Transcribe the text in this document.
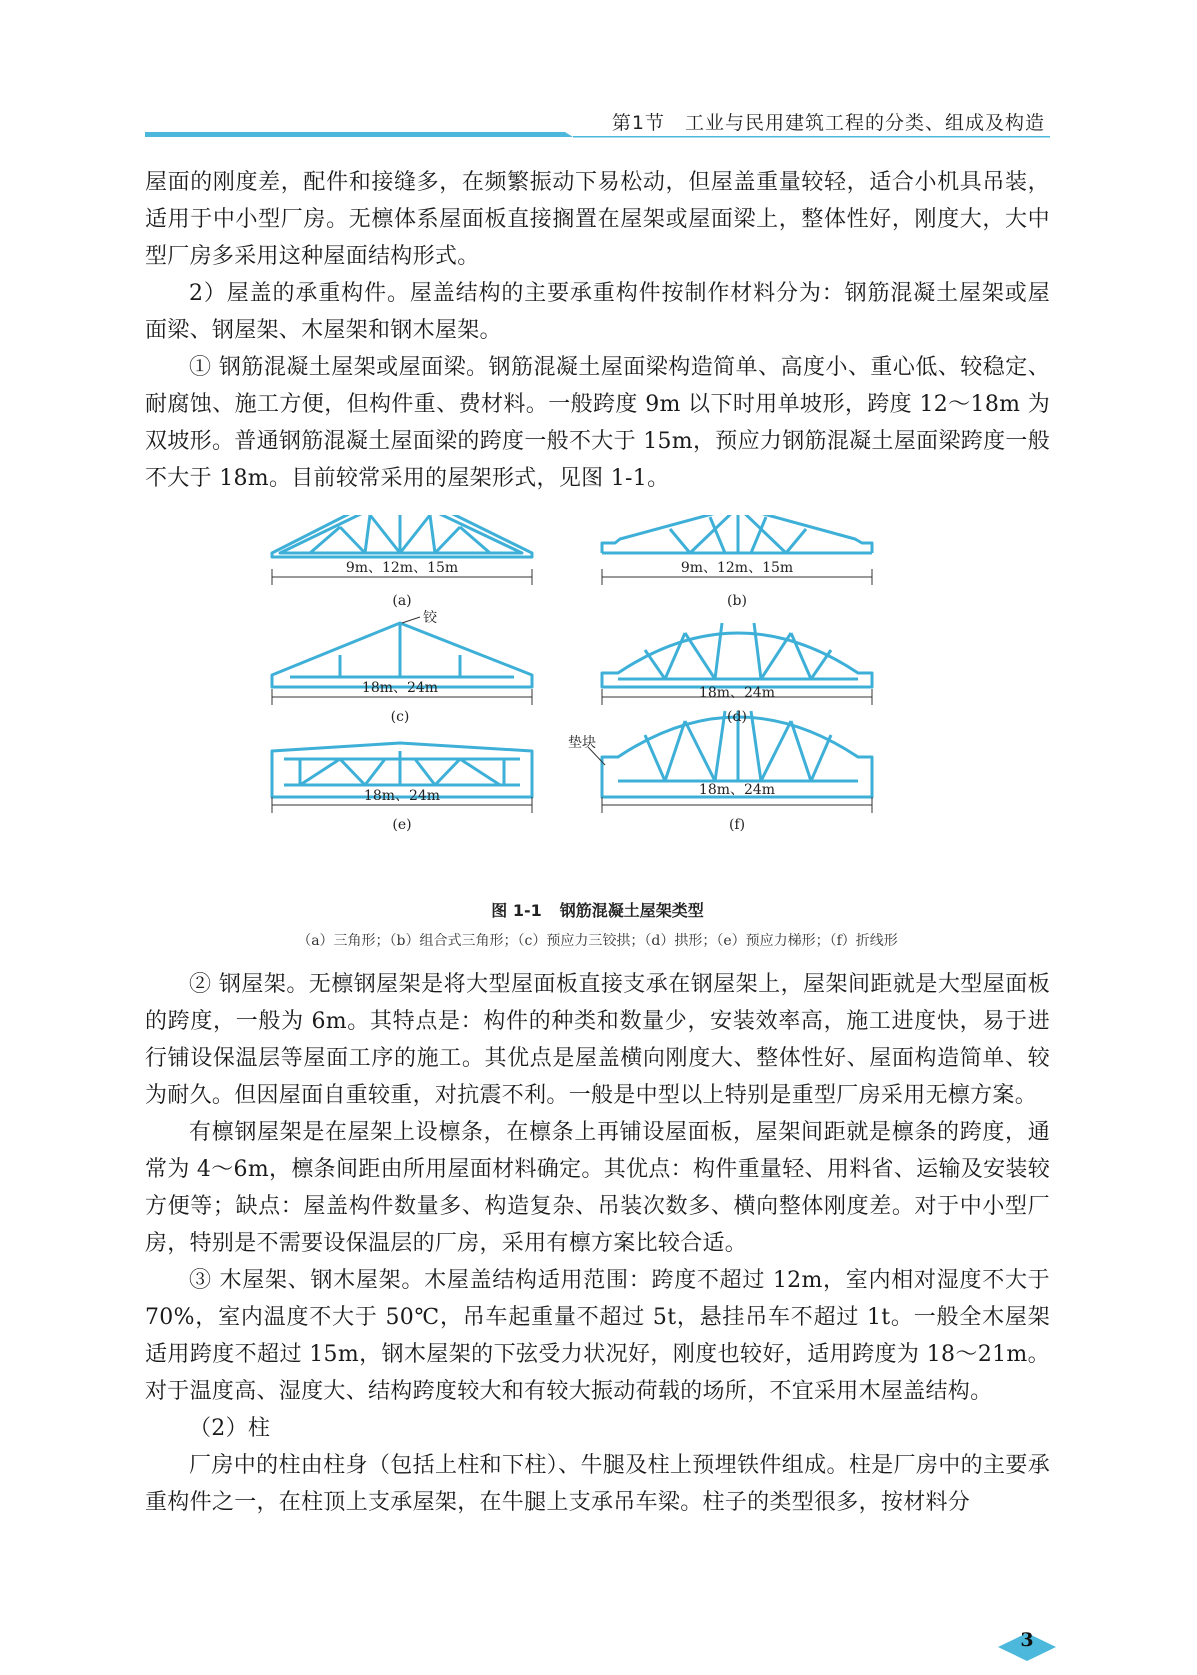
第1节　工业与民用建筑工程的分类、组成及构造

屋面的刚度差，配件和接缝多，在频繁振动下易松动，但屋盖重量较轻，适合小机具吊装，适用于中小型厂房。无檩体系屋面板直接搁置在屋架或屋面梁上，整体性好，刚度大，大中型厂房多采用这种屋面结构形式。

2）屋盖的承重构件。屋盖结构的主要承重构件按制作材料分为：钢筋混凝土屋架或屋面梁、钢屋架、木屋架和钢木屋架。

① 钢筋混凝土屋架或屋面梁。钢筋混凝土屋面梁构造简单、高度小、重心低、较稳定、耐腐蚀、施工方便，但构件重、费材料。一般跨度 9m 以下时用单坡形，跨度 12～18m 为双坡形。普通钢筋混凝土屋面梁的跨度一般不大于 15m，预应力钢筋混凝土屋面梁跨度一般不大于 18m。目前较常采用的屋架形式，见图 1-1。

9m、12m、15m
(a)
9m、12m、15m
(b)
铰
18m、24m
(c)
18m、24m
(d)
垫块
18m、24m
(e)
18m、24m
(f)
图 1-1 钢筋混凝土屋架类型
（a）三角形；（b）组合式三角形；（c）预应力三铰拱；（d）拱形；（e）预应力梯形；（f）折线形

② 钢屋架。无檩钢屋架是将大型屋面板直接支承在钢屋架上，屋架间距就是大型屋面板的跨度，一般为 6m。其特点是：构件的种类和数量少，安装效率高，施工进度快，易于进行铺设保温层等屋面工序的施工。其优点是屋盖横向刚度大、整体性好、屋面构造简单、较为耐久。但因屋面自重较重，对抗震不利。一般是中型以上特别是重型厂房采用无檩方案。

有檩钢屋架是在屋架上设檩条，在檩条上再铺设屋面板，屋架间距就是檩条的跨度，通常为 4～6m，檩条间距由所用屋面材料确定。其优点：构件重量轻、用料省、运输及安装较方便等；缺点：屋盖构件数量多、构造复杂、吊装次数多、横向整体刚度差。对于中小型厂房，特别是不需要设保温层的厂房，采用有檩方案比较合适。

③ 木屋架、钢木屋架。木屋盖结构适用范围：跨度不超过 12m，室内相对湿度不大于 70%，室内温度不大于 50℃，吊车起重量不超过 5t，悬挂吊车不超过 1t。一般全木屋架适用跨度不超过 15m，钢木屋架的下弦受力状况好，刚度也较好，适用跨度为 18～21m。对于温度高、湿度大、结构跨度较大和有较大振动荷载的场所，不宜采用木屋盖结构。

（2）柱

厂房中的柱由柱身（包括上柱和下柱）、牛腿及柱上预埋铁件组成。柱是厂房中的主要承重构件之一，在柱顶上支承屋架，在牛腿上支承吊车梁。柱子的类型很多，按材料分

3
